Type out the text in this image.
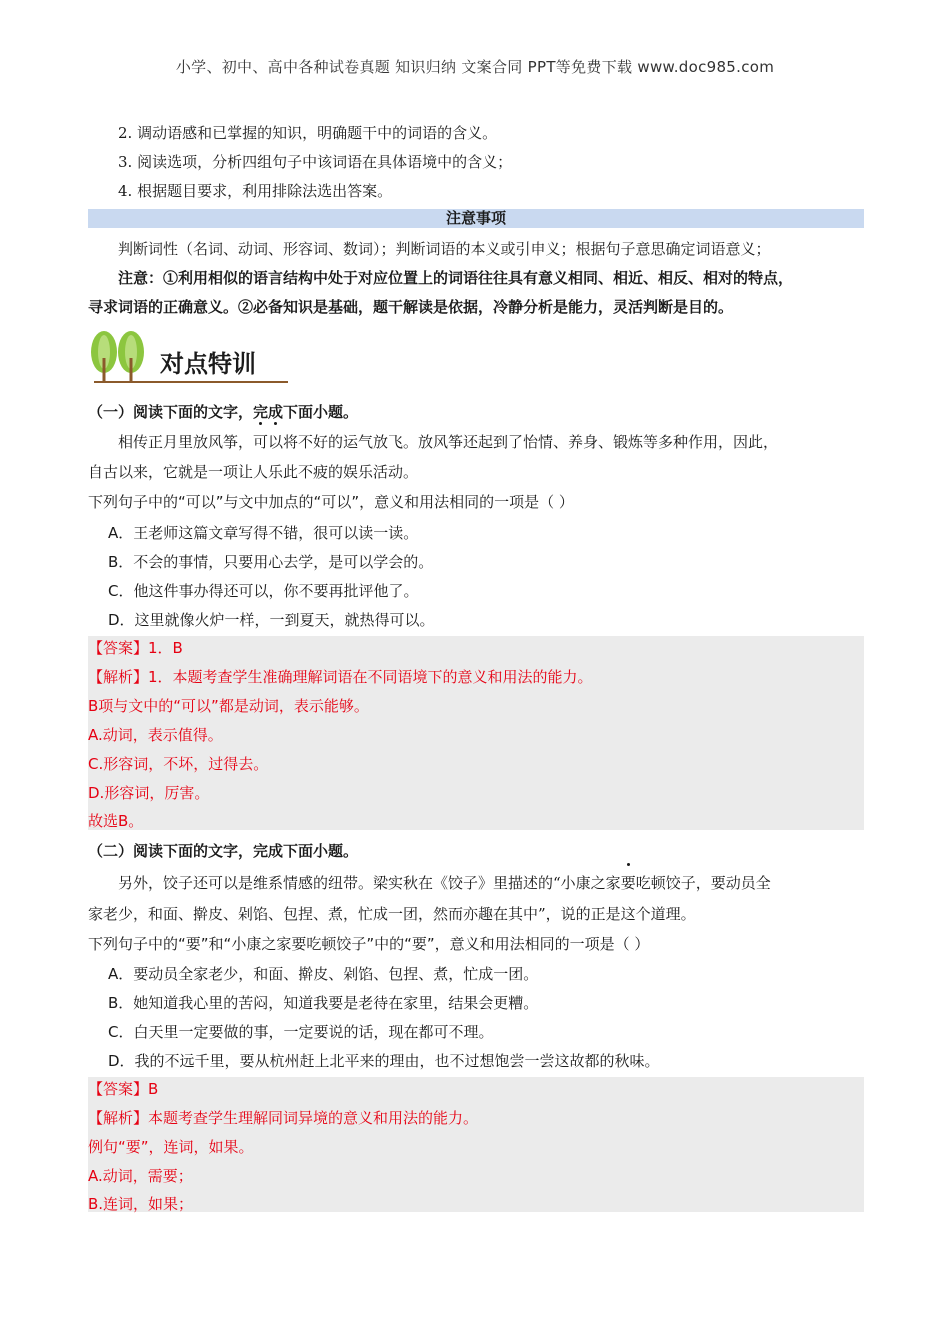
小学、初中、高中各种试卷真题 知识归纳 文案合同 PPT等免费下载 www.doc985.com
2. 调动语感和已掌握的知识，明确题干中的词语的含义。
3. 阅读选项，分析四组句子中该词语在具体语境中的含义；
4. 根据题目要求，利用排除法选出答案。
注意事项
判断词性（名词、动词、形容词、数词）；判断词语的本义或引申义；根据句子意思确定词语意义；
注意：①利用相似的语言结构中处于对应位置上的词语往往具有意义相同、相近、相反、相对的特点，
寻求词语的正确意义。②必备知识是基础，题干解读是依据，冷静分析是能力，灵活判断是目的。
（一）阅读下面的文字，完成下面小题。
相传正月里放风筝，可以将不好的运气放飞。放风筝还起到了怡情、养身、锻炼等多种作用，因此，
自古以来，它就是一项让人乐此不疲的娱乐活动。
下列句子中的“可以”与文中加点的“可以”，意义和用法相同的一项是（ ）
A．王老师这篇文章写得不错，很可以读一读。
B．不会的事情，只要用心去学，是可以学会的。
C．他这件事办得还可以，你不要再批评他了。
D．这里就像火炉一样，一到夏天，就热得可以。
【答案】1．B
【解析】1．本题考查学生准确理解词语在不同语境下的意义和用法的能力。
B项与文中的“可以”都是动词，表示能够。
A.动词，表示值得。
C.形容词，不坏，过得去。
D.形容词，厉害。
故选B。
（二）阅读下面的文字，完成下面小题。
另外，饺子还可以是维系情感的纽带。梁实秋在《饺子》里描述的“小康之家要吃顿饺子，要动员全
家老少，和面、擀皮、剁馅、包捏、煮，忙成一团，然而亦趣在其中”，说的正是这个道理。
下列句子中的“要”和“小康之家要吃顿饺子”中的“要”，意义和用法相同的一项是（ ）
A．要动员全家老少，和面、擀皮、剁馅、包捏、煮，忙成一团。
B．她知道我心里的苦闷，知道我要是老待在家里，结果会更糟。
C．白天里一定要做的事，一定要说的话，现在都可不理。
D．我的不远千里，要从杭州赶上北平来的理由，也不过想饱尝一尝这故都的秋味。
【答案】B
【解析】本题考查学生理解同词异境的意义和用法的能力。
例句“要”，连词，如果。
A.动词，需要；
B.连词，如果；
对点特训
